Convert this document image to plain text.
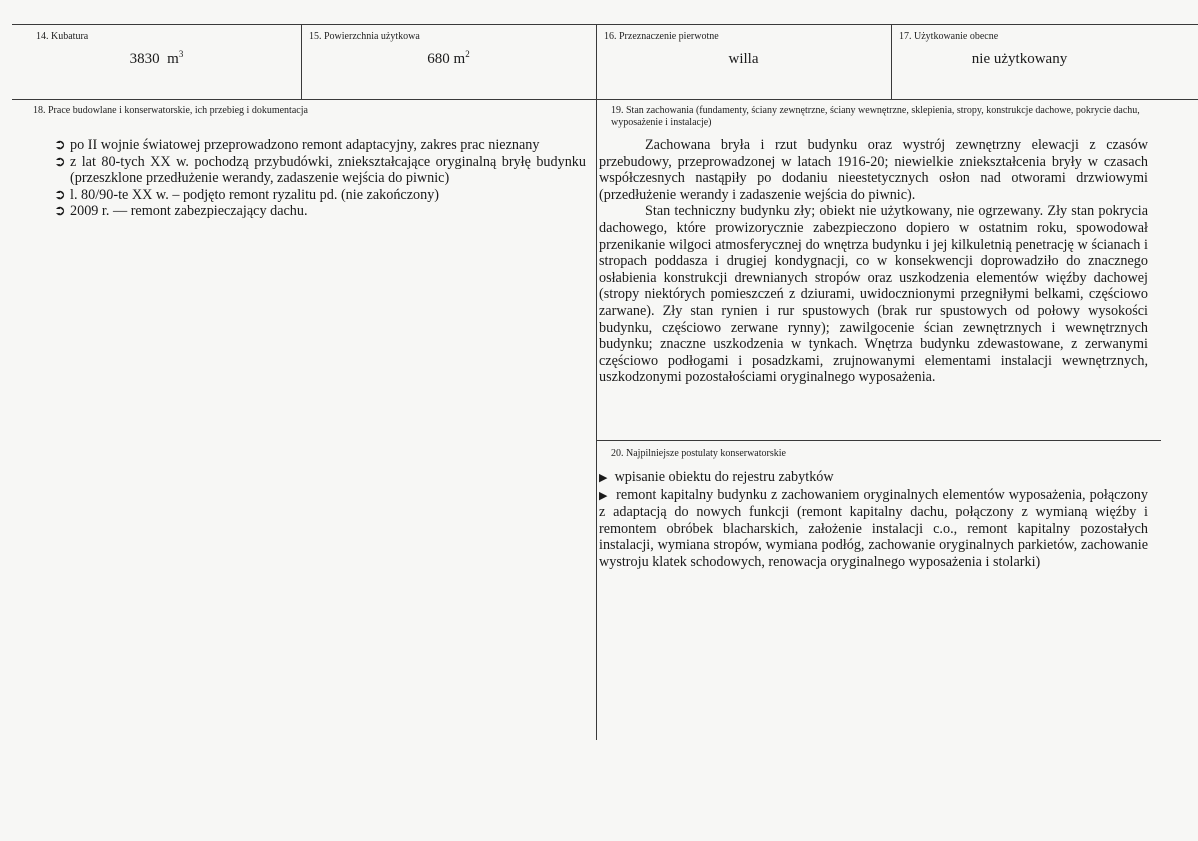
14. Kubatura
3830 $m^3$
15. Powierzchnia użytkowa
680 $m^2$
16. Przeznaczenie pierwotne
willa
17. Użytkowanie obecne
nie użytkowany
18. Prace budowlane i konserwatorskie, ich przebieg i dokumentacja
➲ po II wojnie światowej przeprowadzono remont adaptacyjny, zakres prac nieznany
➲ z lat 80-tych XX w. pochodzą przybudówki, zniekształcające oryginalną bryłę budynku (przeszklone przedłużenie werandy, zadaszenie wejścia do piwnic)
➲ l. 80/90-te XX w. – podjęto remont ryzalitu pd. (nie zakończony)
➲ 2009 r. — remont zabezpieczający dachu.
19. Stan zachowania (fundamenty, ściany zewnętrzne, ściany wewnętrzne, sklepienia, stropy, konstrukcje dachowe, pokrycie dachu, wyposażenie i instalacje)

Zachowana bryła i rzut budynku oraz wystrój zewnętrzny elewacji z czasów przebudowy, przeprowadzonej w latach 1916-20; niewielkie zniekształcenia bryły w czasach współczesnych nastąpiły po dodaniu nieestetycznych osłon nad otworami drzwiowymi (przedłużenie werandy i zadaszenie wejścia do piwnic).

Stan techniczny budynku zły; obiekt nie użytkowany, nie ogrzewany. Zły stan pokrycia dachowego, które prowizorycznie zabezpieczono dopiero w ostatnim roku, spowodował przenikanie wilgoci atmosferycznej do wnętrza budynku i jej kilkuletnią penetrację w ścianach i stropach poddasza i drugiej kondygnacji, co w konsekwencji doprowadziło do znacznego osłabienia konstrukcji drewnianych stropów oraz uszkodzenia elementów więźby dachowej (stropy niektórych pomieszczeń z dziurami, uwidocznionymi przegniłymi belkami, częściowo zarwane). Zły stan rynien i rur spustowych (brak rur spustowych od połowy wysokości budynku, częściowo zerwane rynny); zawilgocenie ścian zewnętrznych i wewnętrznych budynku; znaczne uszkodzenia w tynkach. Wnętrza budynku zdewastowane, z zerwanymi częściowo podłogami i posadzkami, zrujnowanymi elementami instalacji wewnętrznych, uszkodzonymi pozostałościami oryginalnego wyposażenia.

20. Najpilniejsze postulaty konserwatorskie
▶ wpisanie obiektu do rejestru zabytków
▶ remont kapitalny budynku z zachowaniem oryginalnych elementów wyposażenia, połączony z adaptacją do nowych funkcji (remont kapitalny dachu, połączony z wymianą więźby i remontem obróbek blacharskich, założenie instalacji c.o., remont kapitalny pozostałych instalacji, wymiana stropów, wymiana podłóg, zachowanie oryginalnych parkietów, zachowanie wystroju klatek schodowych, renowacja oryginalnego wyposażenia i stolarki)
